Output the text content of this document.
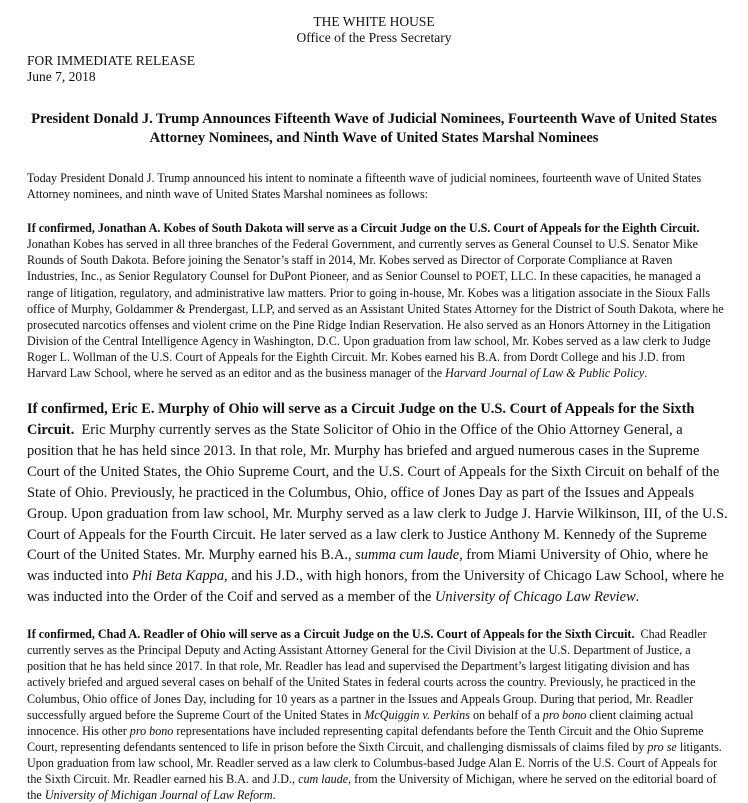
THE WHITE HOUSE
Office of the Press Secretary
FOR IMMEDIATE RELEASE
June 7, 2018
President Donald J. Trump Announces Fifteenth Wave of Judicial Nominees, Fourteenth Wave of United States Attorney Nominees, and Ninth Wave of United States Marshal Nominees
Today President Donald J. Trump announced his intent to nominate a fifteenth wave of judicial nominees, fourteenth wave of United States Attorney nominees, and ninth wave of United States Marshal nominees as follows:
If confirmed, Jonathan A. Kobes of South Dakota will serve as a Circuit Judge on the U.S. Court of Appeals for the Eighth Circuit.  Jonathan Kobes has served in all three branches of the Federal Government, and currently serves as General Counsel to U.S. Senator Mike Rounds of South Dakota. Before joining the Senator’s staff in 2014, Mr. Kobes served as Director of Corporate Compliance at Raven Industries, Inc., as Senior Regulatory Counsel for DuPont Pioneer, and as Senior Counsel to POET, LLC. In these capacities, he managed a range of litigation, regulatory, and administrative law matters. Prior to going in-house, Mr. Kobes was a litigation associate in the Sioux Falls office of Murphy, Goldammer & Prendergast, LLP, and served as an Assistant United States Attorney for the District of South Dakota, where he prosecuted narcotics offenses and violent crime on the Pine Ridge Indian Reservation. He also served as an Honors Attorney in the Litigation Division of the Central Intelligence Agency in Washington, D.C. Upon graduation from law school, Mr. Kobes served as a law clerk to Judge Roger L. Wollman of the U.S. Court of Appeals for the Eighth Circuit. Mr. Kobes earned his B.A. from Dordt College and his J.D. from Harvard Law School, where he served as an editor and as the business manager of the Harvard Journal of Law & Public Policy.
If confirmed, Eric E. Murphy of Ohio will serve as a Circuit Judge on the U.S. Court of Appeals for the Sixth Circuit. Eric Murphy currently serves as the State Solicitor of Ohio in the Office of the Ohio Attorney General, a position that he has held since 2013. In that role, Mr. Murphy has briefed and argued numerous cases in the Supreme Court of the United States, the Ohio Supreme Court, and the U.S. Court of Appeals for the Sixth Circuit on behalf of the State of Ohio. Previously, he practiced in the Columbus, Ohio, office of Jones Day as part of the Issues and Appeals Group. Upon graduation from law school, Mr. Murphy served as a law clerk to Judge J. Harvie Wilkinson, III, of the U.S. Court of Appeals for the Fourth Circuit. He later served as a law clerk to Justice Anthony M. Kennedy of the Supreme Court of the United States. Mr. Murphy earned his B.A., summa cum laude, from Miami University of Ohio, where he was inducted into Phi Beta Kappa, and his J.D., with high honors, from the University of Chicago Law School, where he was inducted into the Order of the Coif and served as a member of the University of Chicago Law Review.
If confirmed, Chad A. Readler of Ohio will serve as a Circuit Judge on the U.S. Court of Appeals for the Sixth Circuit. Chad Readler currently serves as the Principal Deputy and Acting Assistant Attorney General for the Civil Division at the U.S. Department of Justice, a position that he has held since 2017. In that role, Mr. Readler has lead and supervised the Department’s largest litigating division and has actively briefed and argued several cases on behalf of the United States in federal courts across the country. Previously, he practiced in the Columbus, Ohio office of Jones Day, including for 10 years as a partner in the Issues and Appeals Group. During that period, Mr. Readler successfully argued before the Supreme Court of the United States in McQuiggin v. Perkins on behalf of a pro bono client claiming actual innocence. His other pro bono representations have included representing capital defendants before the Tenth Circuit and the Ohio Supreme Court, representing defendants sentenced to life in prison before the Sixth Circuit, and challenging dismissals of claims filed by pro se litigants. Upon graduation from law school, Mr. Readler served as a law clerk to Columbus-based Judge Alan E. Norris of the U.S. Court of Appeals for the Sixth Circuit. Mr. Readler earned his B.A. and J.D., cum laude, from the University of Michigan, where he served on the editorial board of the University of Michigan Journal of Law Reform.
